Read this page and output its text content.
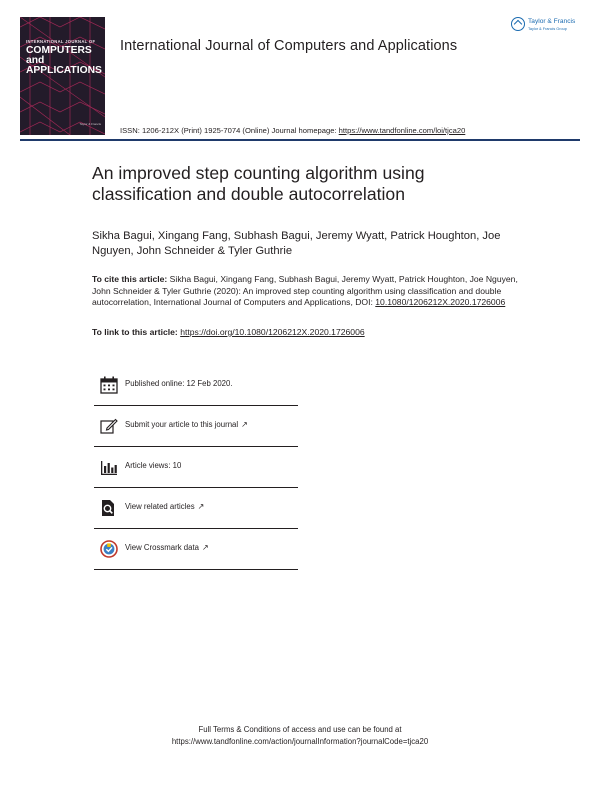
INTERNATIONAL JOURNAL OF
COMPUTERS and
APPLICATIONS
Taylor & Francis
International Journal of Computers and Applications
ISSN: 1206-212X (Print) 1925-7074 (Online) Journal homepage: https://www.tandfonline.com/loi/tjca20
Taylor & Francis
Taylor & Francis Group
An improved step counting algorithm using classification and double autocorrelation
Sikha Bagui, Xingang Fang, Subhash Bagui, Jeremy Wyatt, Patrick Houghton, Joe Nguyen, John Schneider & Tyler Guthrie
To cite this article: Sikha Bagui, Xingang Fang, Subhash Bagui, Jeremy Wyatt, Patrick Houghton, Joe Nguyen, John Schneider & Tyler Guthrie (2020): An improved step counting algorithm using classification and double autocorrelation, International Journal of Computers and Applications, DOI: 10.1080/1206212X.2020.1726006
To link to this article: https://doi.org/10.1080/1206212X.2020.1726006
Published online: 12 Feb 2020.
Submit your article to this journal ↗
Article views: 10
View related articles ↗
View Crossmark data ↗
Full Terms & Conditions of access and use can be found at
https://www.tandfonline.com/action/journalInformation?journalCode=tjca20
